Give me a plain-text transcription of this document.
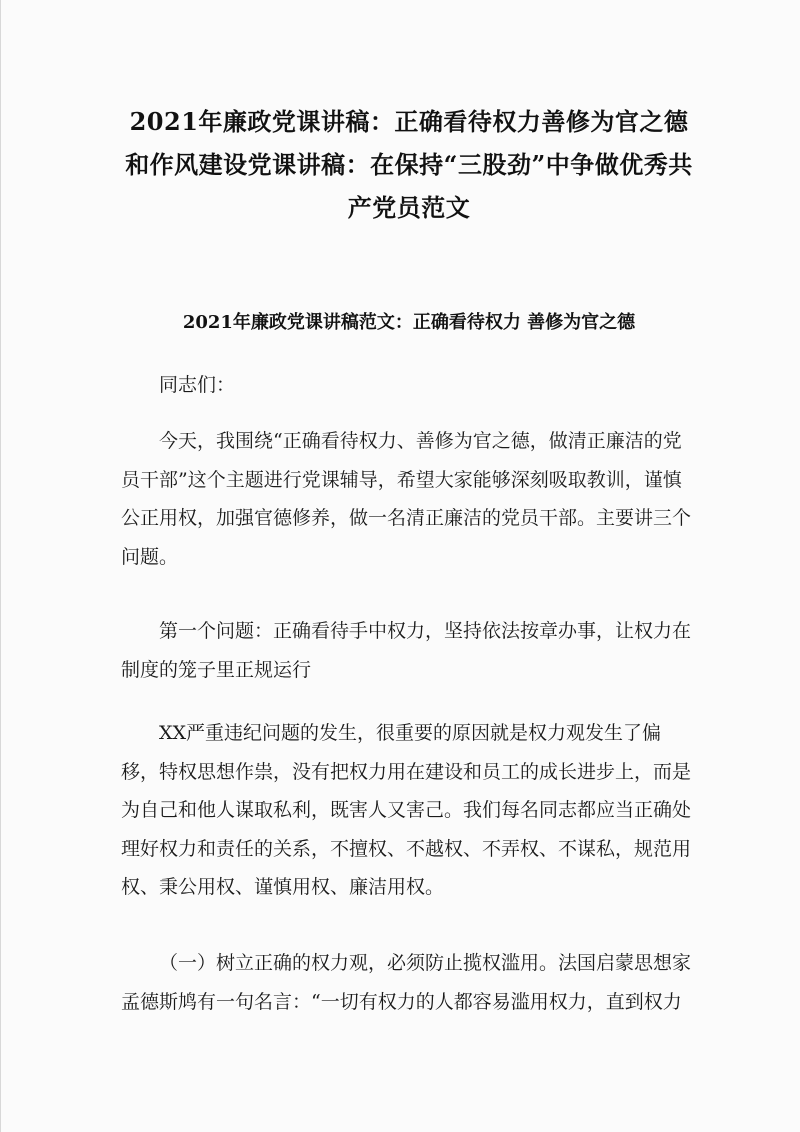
2021年廉政党课讲稿：正确看待权力善修为官之德和作风建设党课讲稿：在保持“三股劲”中争做优秀共产党员范文
2021年廉政党课讲稿范文：正确看待权力 善修为官之德

同志们：

今天，我围绕“正确看待权力、善修为官之德，做清正廉洁的党员干部”这个主题进行党课辅导，希望大家能够深刻吸取教训，谨慎公正用权，加强官德修养，做一名清正廉洁的党员干部。主要讲三个问题。

第一个问题：正确看待手中权力，坚持依法按章办事，让权力在制度的笼子里正规运行

XX严重违纪问题的发生，很重要的原因就是权力观发生了偏移，特权思想作祟，没有把权力用在建设和员工的成长进步上，而是为自己和他人谋取私利，既害人又害己。我们每名同志都应当正确处理好权力和责任的关系，不擅权、不越权、不弄权、不谋私，规范用权、秉公用权、谨慎用权、廉洁用权。

（一）树立正确的权力观，必须防止揽权滥用。法国启蒙思想家孟德斯鸠有一句名言：“一切有权力的人都容易滥用权力，直到权力
